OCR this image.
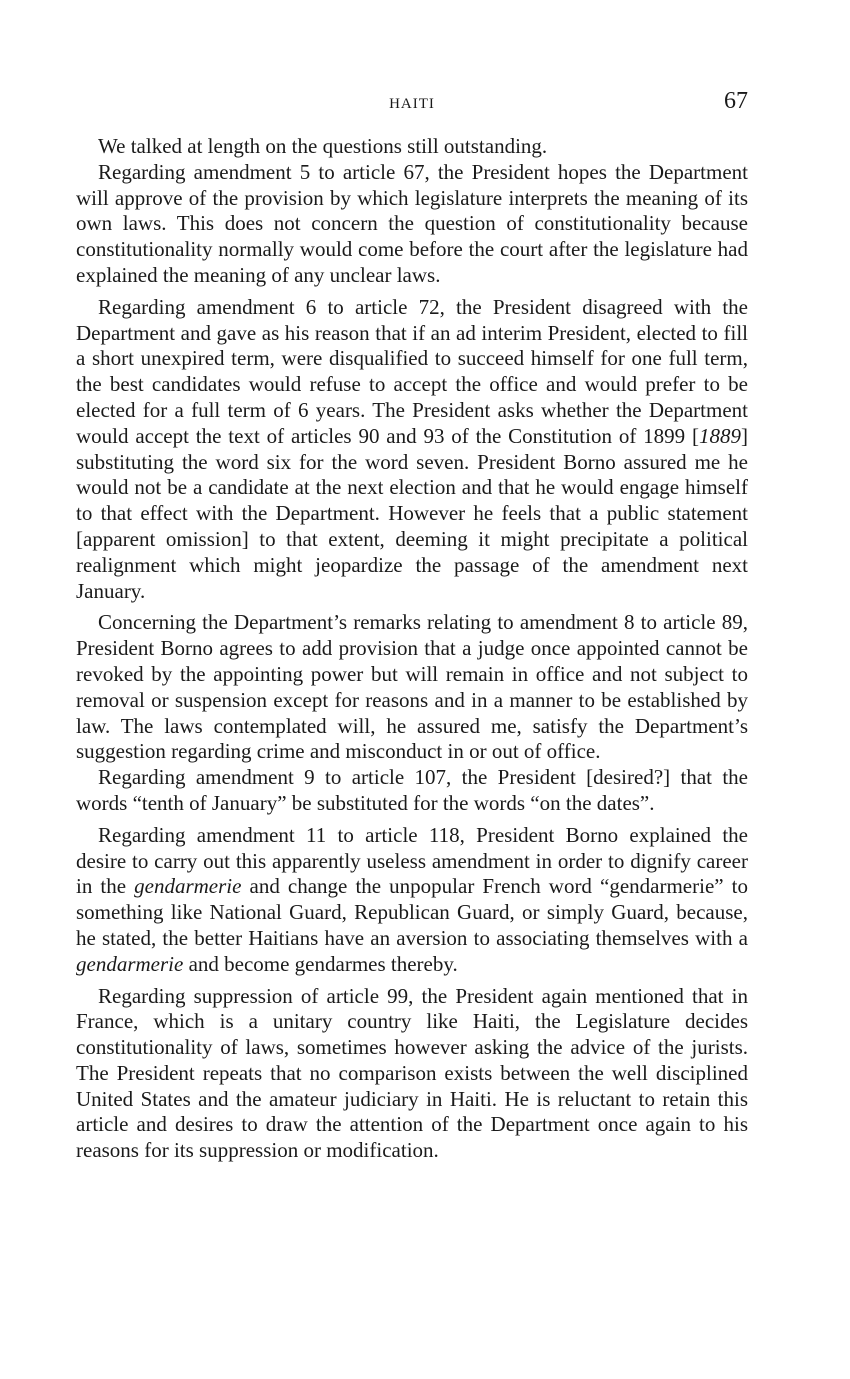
HAITI	67

We talked at length on the questions still outstanding.

Regarding amendment 5 to article 67, the President hopes the Department will approve of the provision by which legislature interprets the meaning of its own laws. This does not concern the question of constitutionality because constitutionality normally would come before the court after the legislature had explained the meaning of any unclear laws.

Regarding amendment 6 to article 72, the President disagreed with the Department and gave as his reason that if an ad interim President, elected to fill a short unexpired term, were disqualified to succeed himself for one full term, the best candidates would refuse to accept the office and would prefer to be elected for a full term of 6 years. The President asks whether the Department would accept the text of articles 90 and 93 of the Constitution of 1899 [1889] substituting the word six for the word seven. President Borno assured me he would not be a candidate at the next election and that he would engage himself to that effect with the Department. However he feels that a public statement [apparent omission] to that extent, deeming it might precipitate a political realignment which might jeopardize the passage of the amendment next January.

Concerning the Department’s remarks relating to amendment 8 to article 89, President Borno agrees to add provision that a judge once appointed cannot be revoked by the appointing power but will remain in office and not subject to removal or suspension except for reasons and in a manner to be established by law. The laws contemplated will, he assured me, satisfy the Department’s suggestion regarding crime and misconduct in or out of office.

Regarding amendment 9 to article 107, the President [desired?] that the words “tenth of January” be substituted for the words “on the dates”.

Regarding amendment 11 to article 118, President Borno explained the desire to carry out this apparently useless amendment in order to dignify career in the gendarmerie and change the unpopular French word “gendarmerie” to something like National Guard, Republican Guard, or simply Guard, because, he stated, the better Haitians have an aversion to associating themselves with a gendarmerie and become gendarmes thereby.

Regarding suppression of article 99, the President again mentioned that in France, which is a unitary country like Haiti, the Legislature decides constitutionality of laws, sometimes however asking the advice of the jurists. The President repeats that no comparison exists between the well disciplined United States and the amateur judiciary in Haiti. He is reluctant to retain this article and desires to draw the attention of the Department once again to his reasons for its suppression or modification.
